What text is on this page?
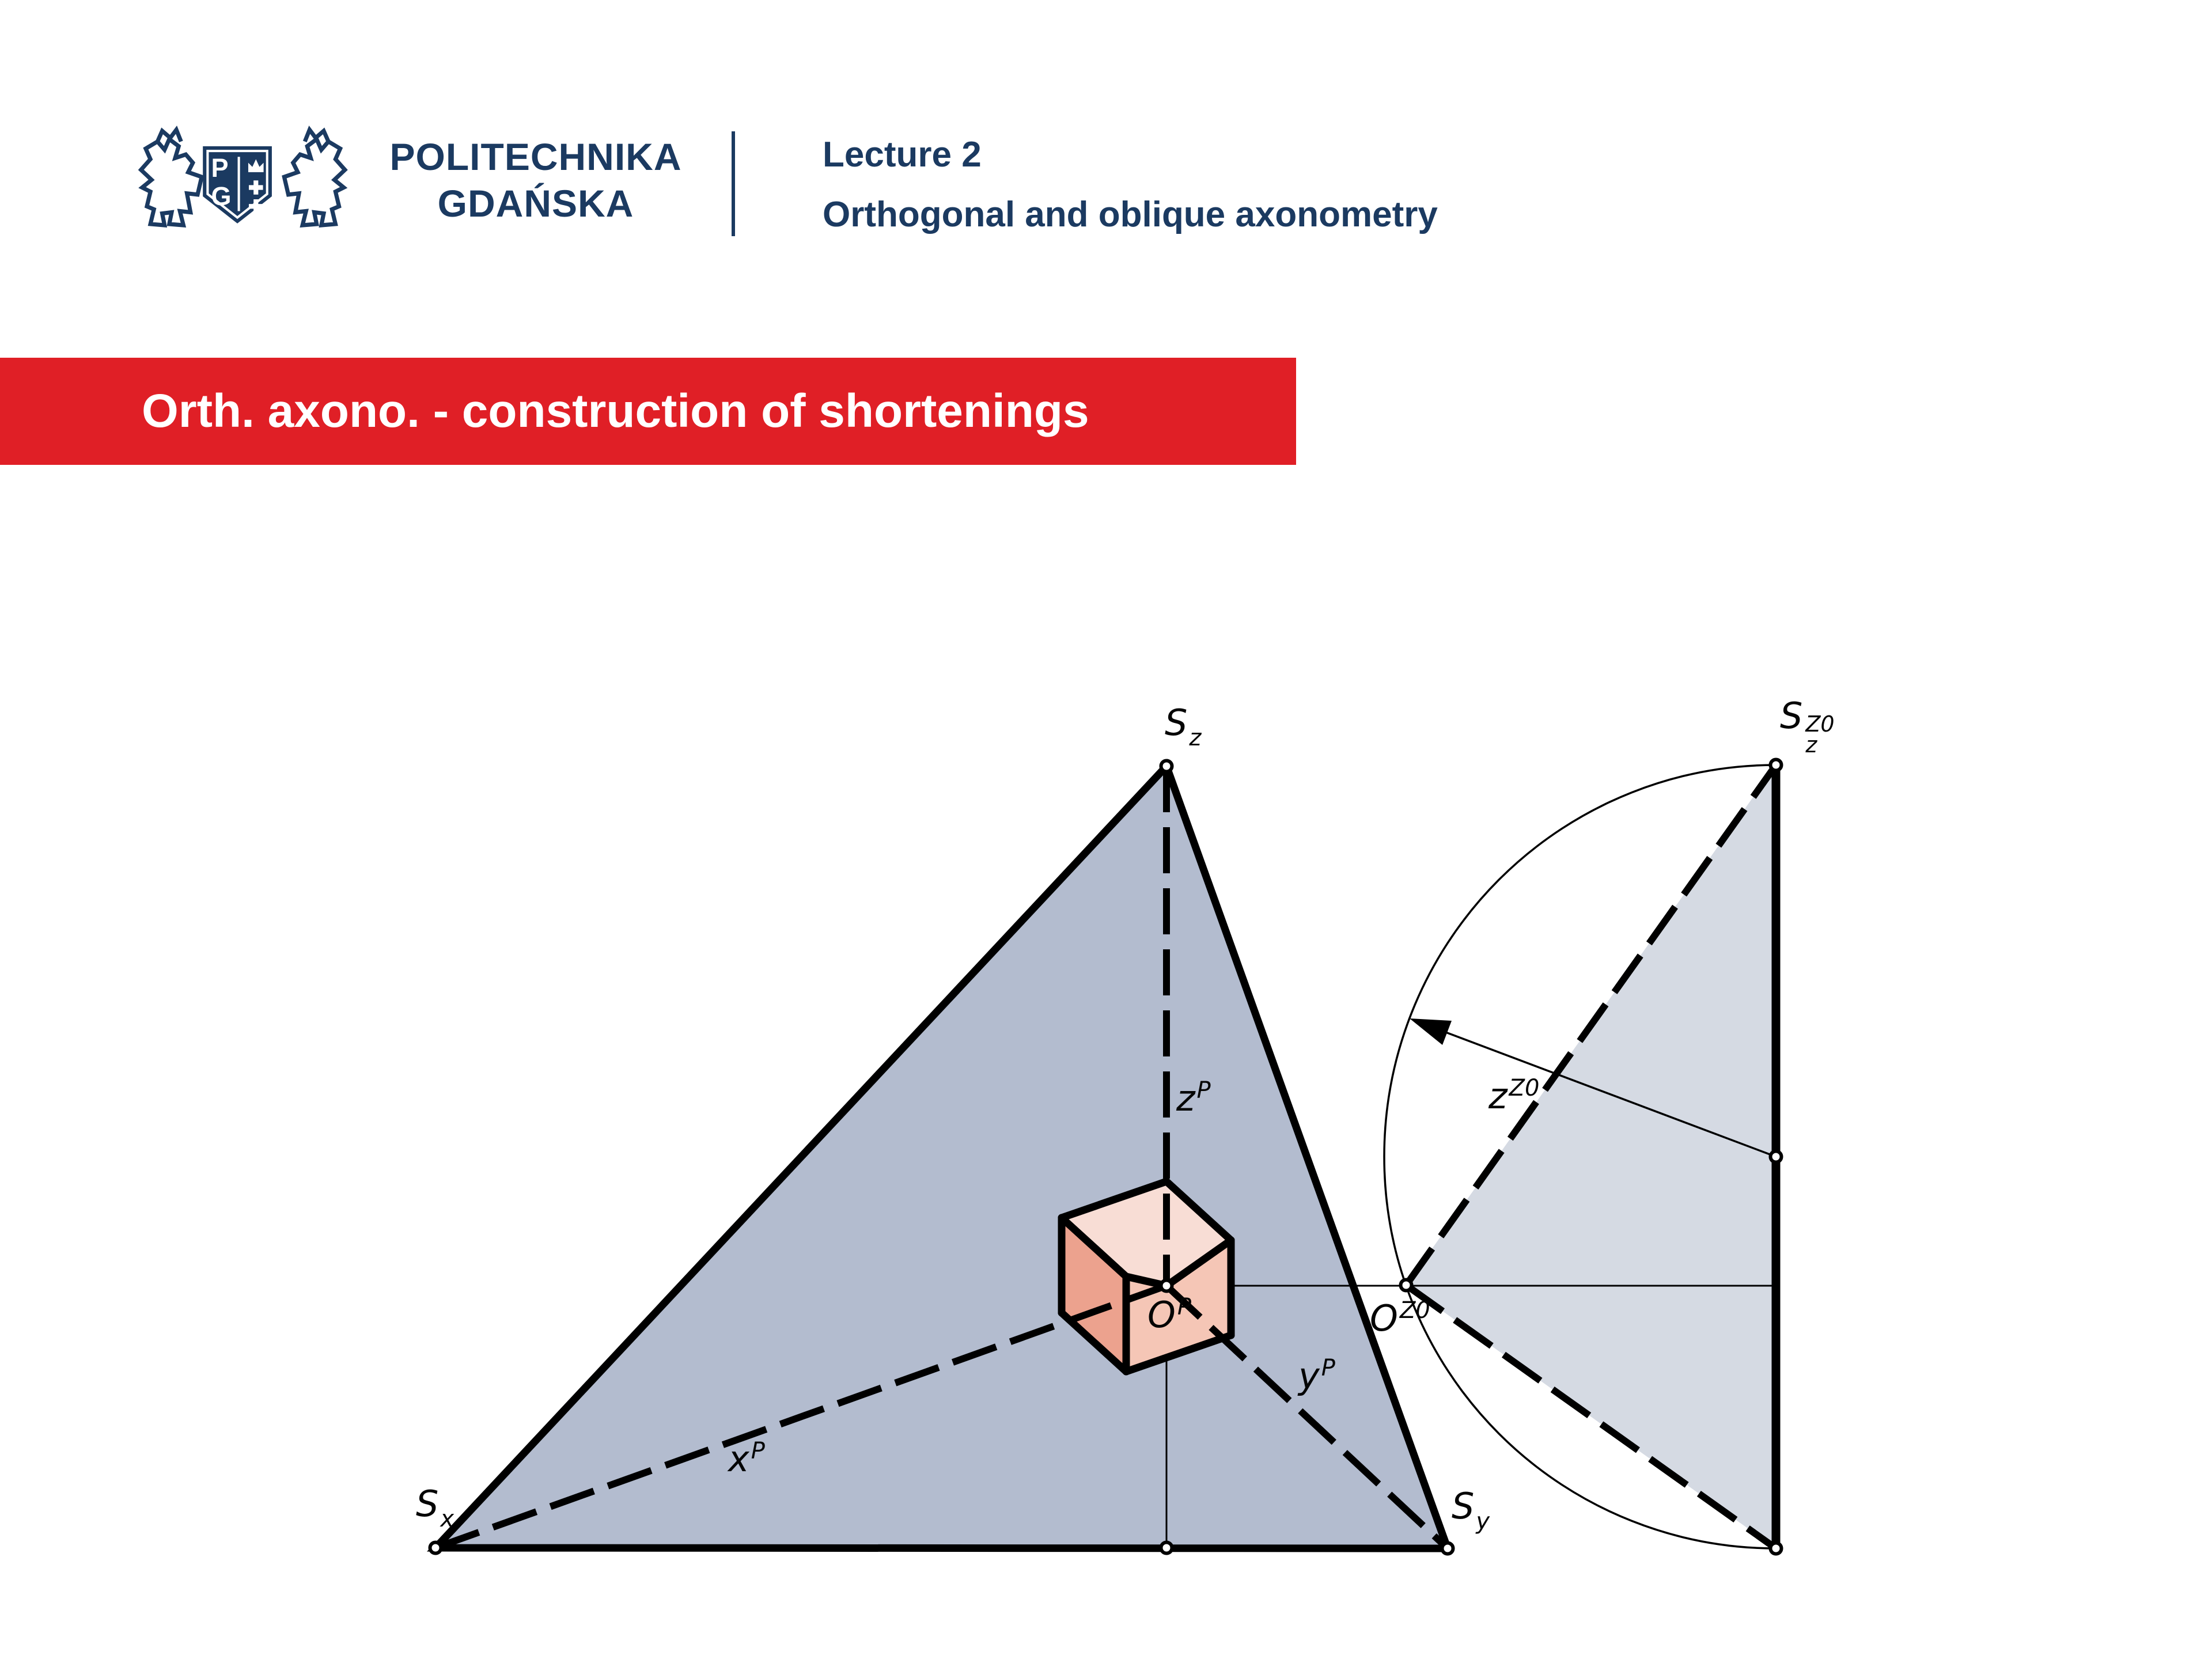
P
G
POLITECHNIKA
GDAŃSKA
Lecture 2
Orthogonal and oblique axonometry
Orth. axono. - construction of shortenings
$S_z$
S Z0
z
$S_x$	$S_y$
$O^P$	$O^{Z0}$
$z^P$	$z^{Z0}$
$x^P$
$y^P$
